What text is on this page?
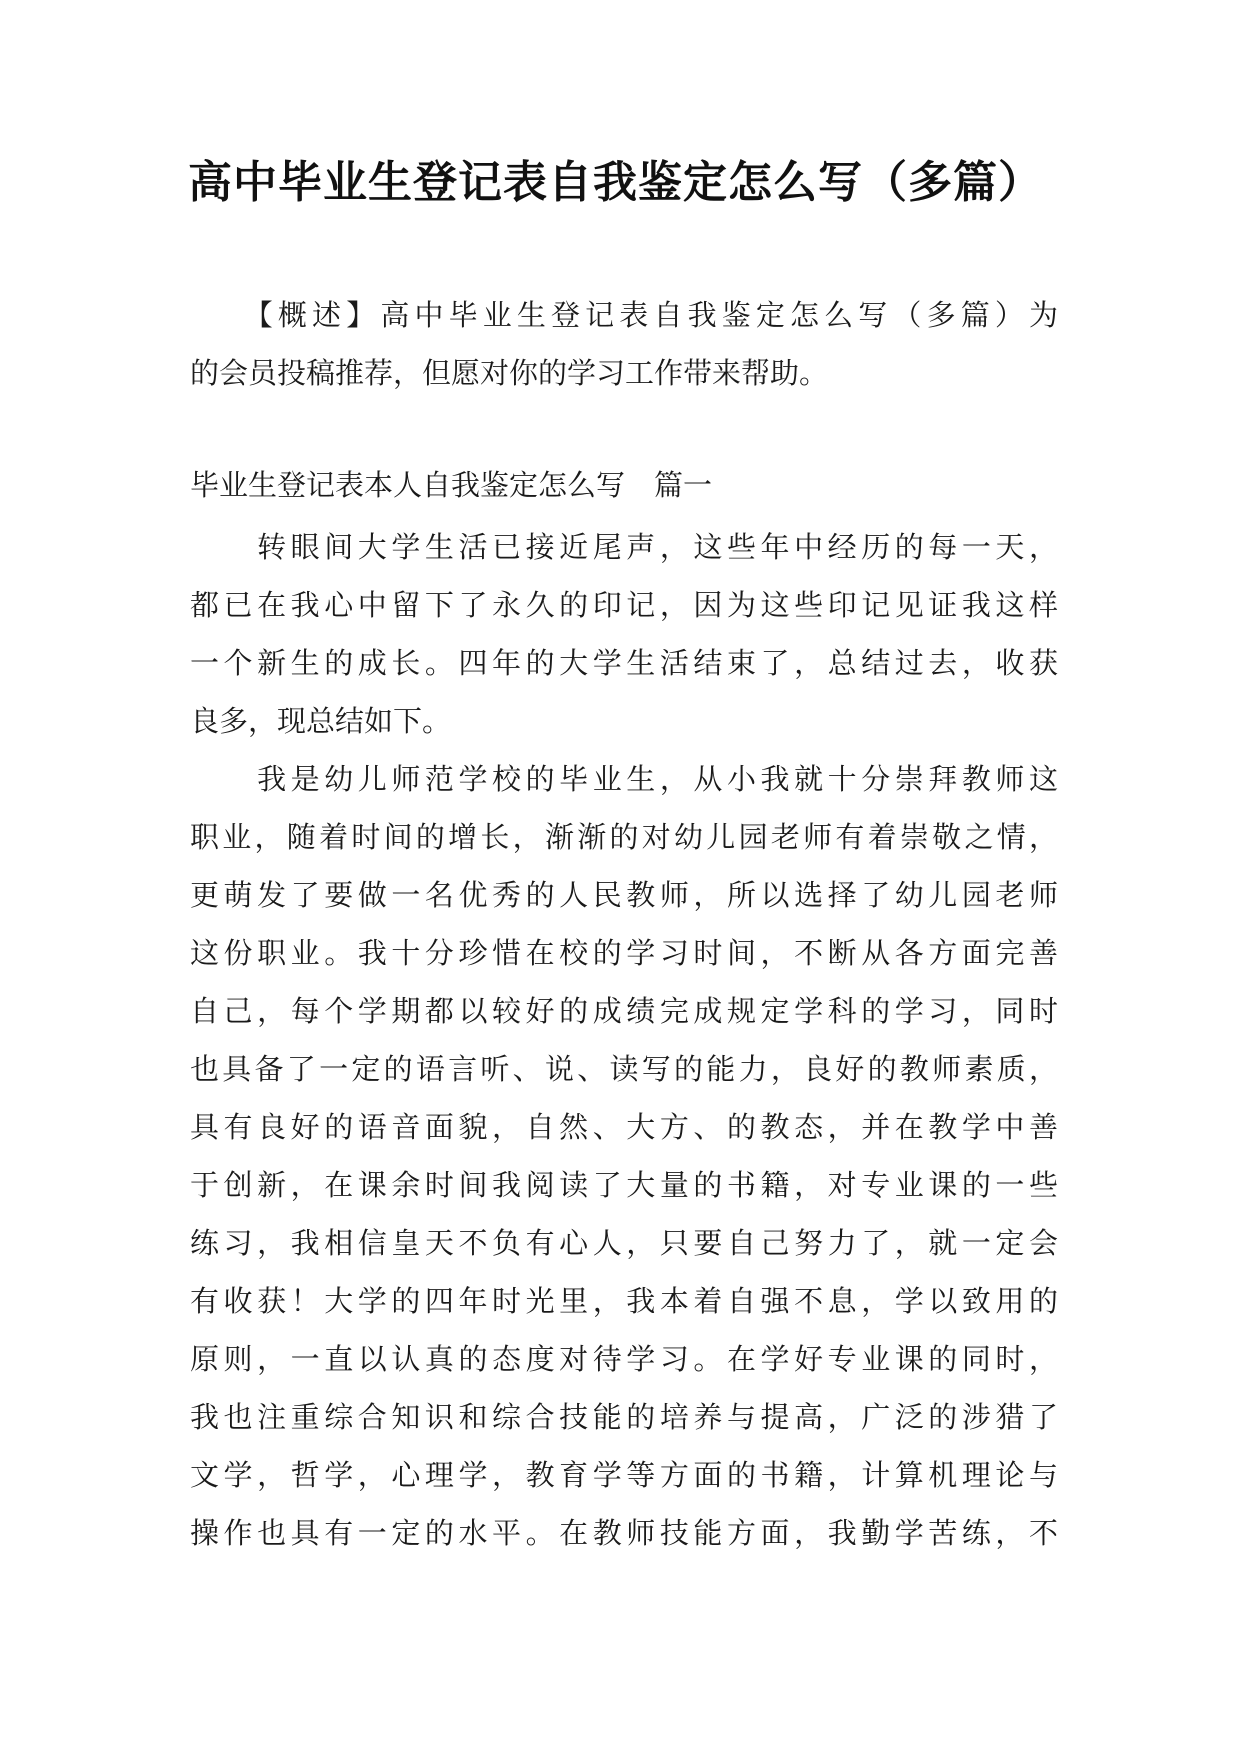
高中毕业生登记表自我鉴定怎么写（多篇）
　　【概述】高中毕业生登记表自我鉴定怎么写（多篇）为
的会员投稿推荐，但愿对你的学习工作带来帮助。
毕业生登记表本人自我鉴定怎么写　篇一
　　转眼间大学生活已接近尾声，这些年中经历的每一天，
都已在我心中留下了永久的印记，因为这些印记见证我这样
一个新生的成长。四年的大学生活结束了，总结过去，收获
良多，现总结如下。
　　我是幼儿师范学校的毕业生，从小我就十分崇拜教师这
职业，随着时间的增长，渐渐的对幼儿园老师有着崇敬之情，
更萌发了要做一名优秀的人民教师，所以选择了幼儿园老师
这份职业。我十分珍惜在校的学习时间，不断从各方面完善
自己，每个学期都以较好的成绩完成规定学科的学习，同时
也具备了一定的语言听、说、读写的能力，良好的教师素质，
具有良好的语音面貌，自然、大方、的教态，并在教学中善
于创新，在课余时间我阅读了大量的书籍，对专业课的一些
练习，我相信皇天不负有心人，只要自己努力了，就一定会
有收获！大学的四年时光里，我本着自强不息，学以致用的
原则，一直以认真的态度对待学习。在学好专业课的同时，
我也注重综合知识和综合技能的培养与提高，广泛的涉猎了
文学，哲学，心理学，教育学等方面的书籍，计算机理论与
操作也具有一定的水平。在教师技能方面，我勤学苦练，不
